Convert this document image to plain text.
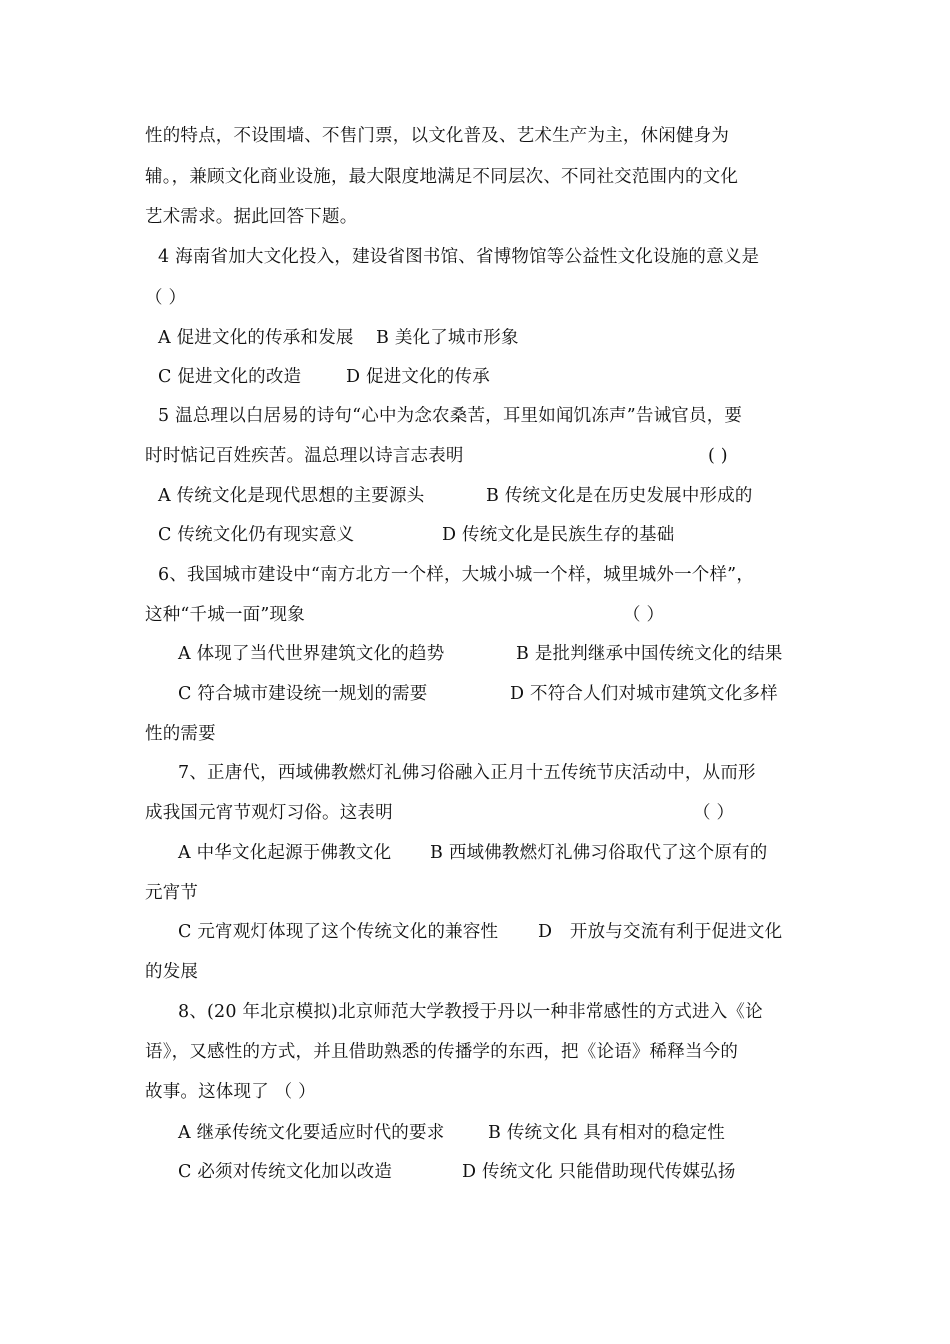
性的特点，不设围墙、不售门票，以文化普及、艺术生产为主，休闲健身为
辅。，兼顾文化商业设施，最大限度地满足不同层次、不同社交范围内的文化
艺术需求。据此回答下题。
4 海南省加大文化投入，建设省图书馆、省博物馆等公益性文化设施的意义是
（ ）
A 促进文化的传承和发展 B 美化了城市形象
C 促进文化的改造	D 促进文化的传承
5 温总理以白居易的诗句“心中为念农桑苦，耳里如闻饥冻声”告诫官员，要
时时惦记百姓疾苦。温总理以诗言志表明	( )
A 传统文化是现代思想的主要源头	B 传统文化是在历史发展中形成的
C 传统文化仍有现实意义	D 传统文化是民族生存的基础
6、我国城市建设中“南方北方一个样，大城小城一个样，城里城外一个样”，
这种“千城一面”现象	（ ）
A 体现了当代世界建筑文化的趋势	B 是批判继承中国传统文化的结果
C 符合城市建设统一规划的需要	D 不符合人们对城市建筑文化多样
性的需要
7、正唐代，西域佛教燃灯礼佛习俗融入正月十五传统节庆活动中，从而形
成我国元宵节观灯习俗。这表明	（ ）
A 中华文化起源于佛教文化 B 西域佛教燃灯礼佛习俗取代了这个原有的
元宵节
C 元宵观灯体现了这个传统文化的兼容性 D　开放与交流有利于促进文化
的发展
8、(20 年北京模拟)北京师范大学教授于丹以一种非常感性的方式进入《论
语》，又感性的方式，并且借助熟悉的传播学的东西，把《论语》稀释当今的
故事。这体现了 （ ）
A 继承传统文化要适应时代的要求 B 传统文化 具有相对的稳定性
C 必须对传统文化加以改造	D 传统文化 只能借助现代传媒弘扬
